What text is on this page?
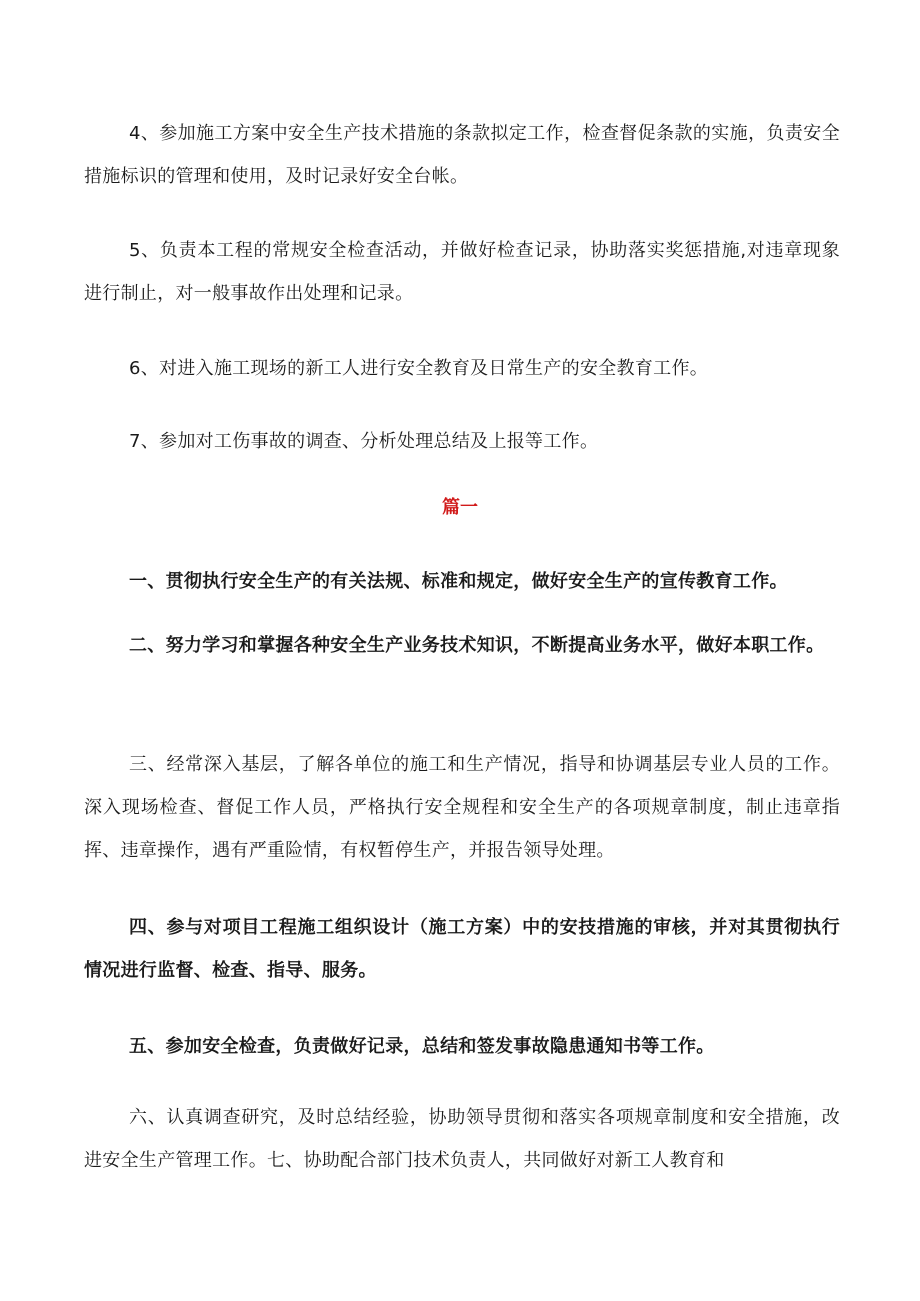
4、参加施工方案中安全生产技术措施的条款拟定工作，检查督促条款的实施，负责安全措施标识的管理和使用，及时记录好安全台帐。

5、负责本工程的常规安全检查活动，并做好检查记录，协助落实奖惩措施,对违章现象进行制止，对一般事故作出处理和记录。

6、对进入施工现场的新工人进行安全教育及日常生产的安全教育工作。

7、参加对工伤事故的调查、分析处理总结及上报等工作。

篇一

一、贯彻执行安全生产的有关法规、标准和规定，做好安全生产的宣传教育工作。

二、努力学习和掌握各种安全生产业务技术知识，不断提高业务水平，做好本职工作。

三、经常深入基层，了解各单位的施工和生产情况，指导和协调基层专业人员的工作。深入现场检查、督促工作人员，严格执行安全规程和安全生产的各项规章制度，制止违章指挥、违章操作，遇有严重险情，有权暂停生产，并报告领导处理。

四、参与对项目工程施工组织设计（施工方案）中的安技措施的审核，并对其贯彻执行情况进行监督、检查、指导、服务。

五、参加安全检查，负责做好记录，总结和签发事故隐患通知书等工作。

六、认真调查研究，及时总结经验，协助领导贯彻和落实各项规章制度和安全措施，改进安全生产管理工作。七、协助配合部门技术负责人，共同做好对新工人教育和
